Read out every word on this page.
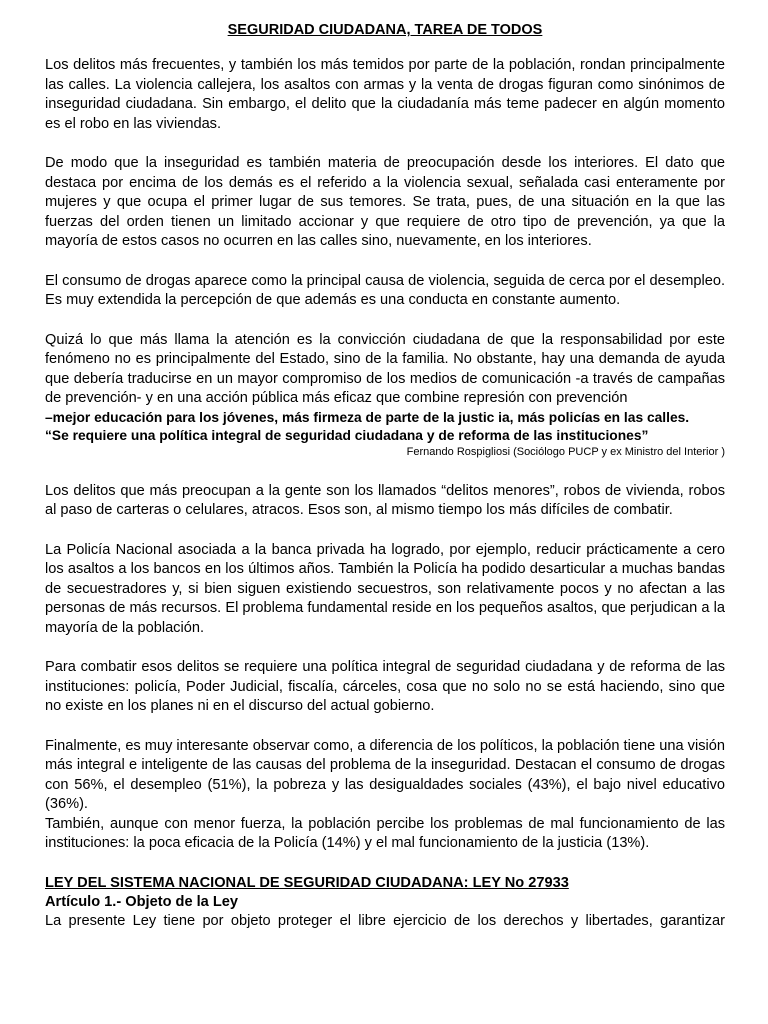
SEGURIDAD CIUDADANA, TAREA DE TODOS

Los delitos más frecuentes, y también los más temidos por parte de la población, rondan principalmente las calles. La violencia callejera, los asaltos con armas y la venta de drogas figuran como sinónimos de inseguridad ciudadana. Sin embargo, el delito que la ciudadanía más teme padecer en algún momento es el robo en las viviendas.

De modo que la inseguridad es también materia de preocupación desde los interiores. El dato que destaca por encima de los demás es el referido a la violencia sexual, señalada casi enteramente por mujeres y que ocupa el primer lugar de sus temores. Se trata, pues, de una situación en la que las fuerzas del orden tienen un limitado accionar y que requiere de otro tipo de prevención, ya que la mayoría de estos casos no ocurren en las calles sino, nuevamente, en los interiores.

El consumo de drogas aparece como la principal causa de violencia, seguida de cerca por el desempleo. Es muy extendida la percepción de que además es una conducta en constante aumento.

Quizá lo que más llama la atención es la convicción ciudadana de que la responsabilidad por este fenómeno no es principalmente del Estado, sino de la familia. No obstante, hay una demanda de ayuda que debería traducirse en un mayor compromiso de los medios de comunicación -a través de campañas de prevención- y en una acción pública más eficaz que combine represión con prevención

–mejor educación para los jóvenes, más firmeza de parte de la justic ia, más policías en las calles.

“Se requiere una política integral de seguridad ciudadana y de reforma de las instituciones”

Fernando Rospigliosi (Sociólogo PUCP y ex Ministro del Interior )

Los delitos que más preocupan a la gente son los llamados “delitos menores”, robos de vivienda, robos al paso de carteras o celulares, atracos. Esos son, al mismo tiempo los más difíciles de combatir.

La Policía Nacional asociada a la banca privada ha logrado, por ejemplo, reducir prácticamente a cero los asaltos a los bancos en los últimos años. También la Policía ha podido desarticular a muchas bandas de secuestradores y, si bien siguen existiendo secuestros, son relativamente pocos y no afectan a las personas de más recursos. El problema fundamental reside en los pequeños asaltos, que perjudican a la mayoría de la población.

Para combatir esos delitos se requiere una política integral de seguridad ciudadana y de reforma de las instituciones: policía, Poder Judicial, fiscalía, cárceles, cosa que no solo no se está haciendo, sino que no existe en los planes ni en el discurso del actual gobierno.

Finalmente, es muy interesante observar como, a diferencia de los políticos, la población tiene una visión más integral e inteligente de las causas del problema de la inseguridad. Destacan el consumo de drogas con 56%, el desempleo (51%), la pobreza y las desigualdades sociales (43%), el bajo nivel educativo (36%).

También, aunque con menor fuerza, la población percibe los problemas de mal funcionamiento de las instituciones: la poca eficacia de la Policía (14%) y el mal funcionamiento de la justicia (13%).

LEY DEL SISTEMA NACIONAL DE SEGURIDAD CIUDADANA: LEY No 27933
Artículo 1.- Objeto de la Ley

La presente Ley tiene por objeto proteger el libre ejercicio de los derechos y libertades, garantizar
